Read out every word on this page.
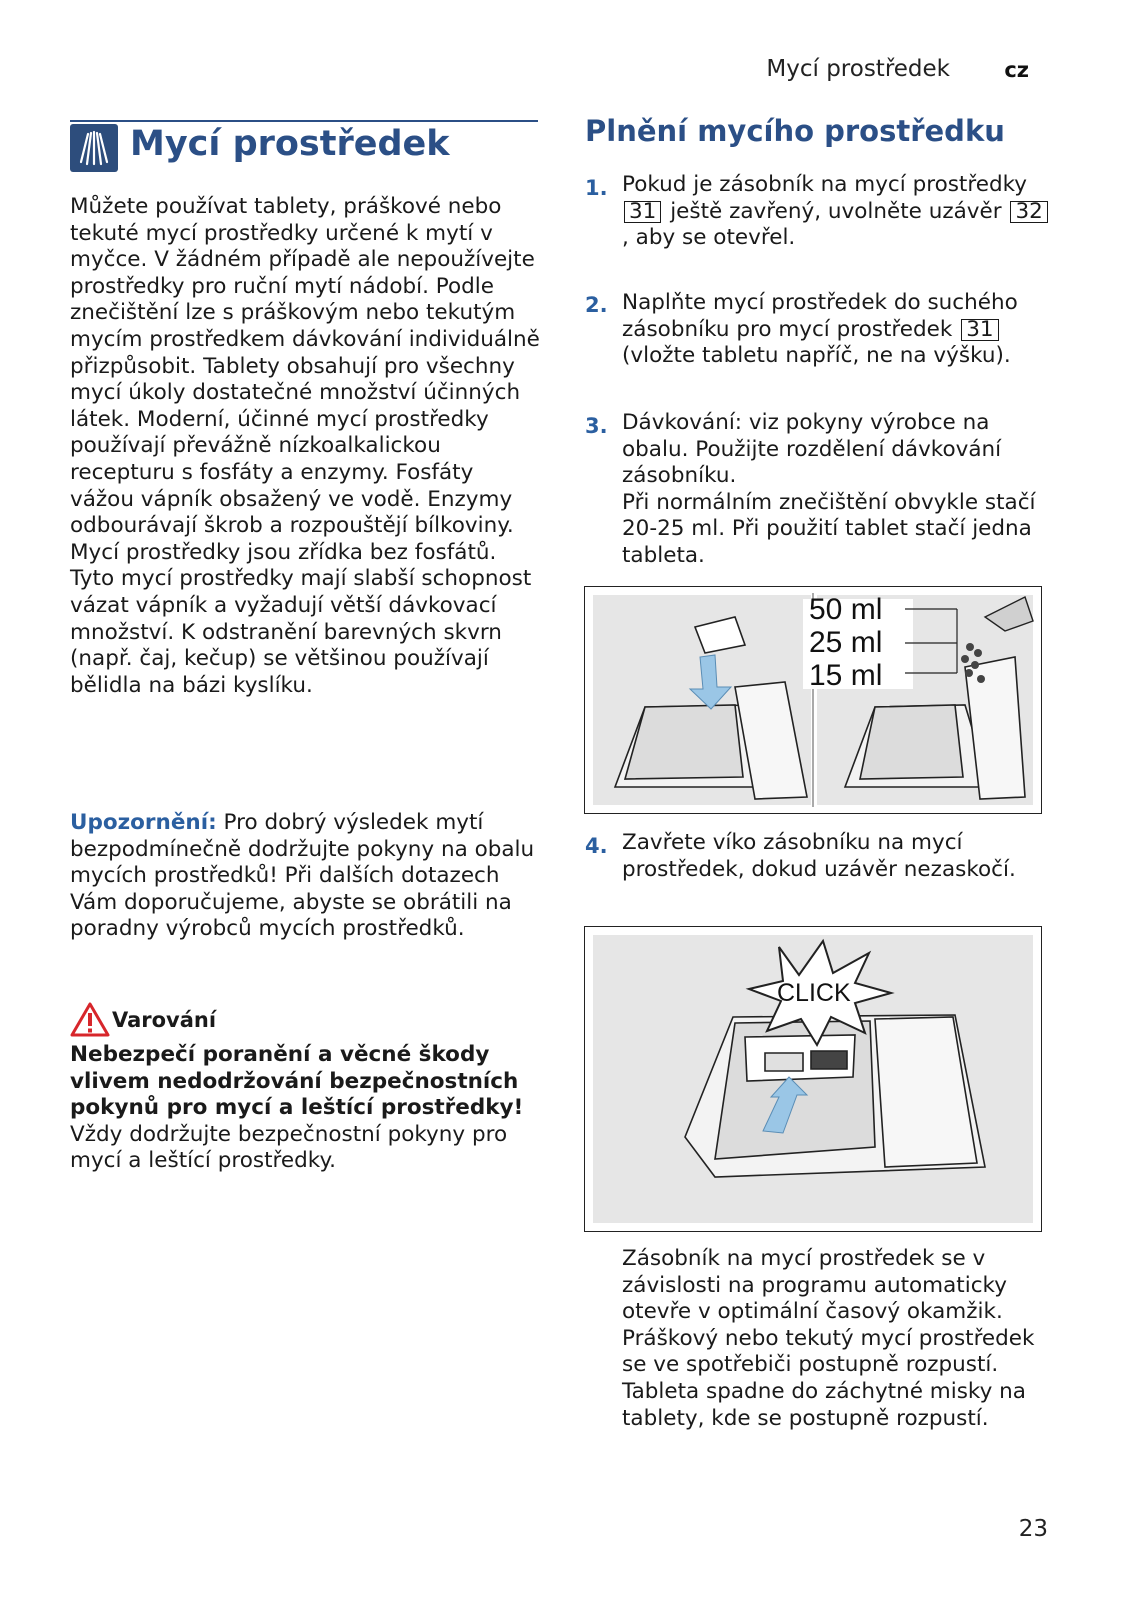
Mycí prostředek	cz
Mycí prostředek
Můžete používat tablety, práškové nebo tekuté mycí prostředky určené k mytí v myčce. V žádném případě ale nepoužívejte prostředky pro ruční mytí nádobí. Podle znečištění lze s práškovým nebo tekutým mycím prostředkem dávkování individuálně přizpůsobit. Tablety obsahují pro všechny mycí úkoly dostatečné množství účinných látek. Moderní, účinné mycí prostředky používají převážně nízkoalkalickou recepturu s fosfáty a enzymy. Fosfáty vážou vápník obsažený ve vodě. Enzymy odbourávají škrob a rozpouštějí bílkoviny. Mycí prostředky jsou zřídka bez fosfátů. Tyto mycí prostředky mají slabší schopnost vázat vápník a vyžadují větší dávkovací množství. K odstranění barevných skvrn (např. čaj, kečup) se většinou používají bělidla na bázi kyslíku.
Upozornění: Pro dobrý výsledek mytí bezpodmínečně dodržujte pokyny na obalu mycích prostředků! Při dalších dotazech Vám doporučujeme, abyste se obrátili na poradny výrobců mycích prostředků.
Varování
Nebezpečí poranění a věcné škody vlivem nedodržování bezpečnostních pokynů pro mycí a leštící prostředky!
Vždy dodržujte bezpečnostní pokyny pro mycí a leštící prostředky.
Plnění mycího prostředku
1. Pokud je zásobník na mycí prostředky 31 ještě zavřený, uvolněte uzávěr 32, aby se otevřel.
2. Naplňte mycí prostředek do suchého zásobníku pro mycí prostředek 31 (vložte tabletu napříč, ne na výšku).
3. Dávkování: viz pokyny výrobce na obalu. Použijte rozdělení dávkování zásobníku.
Při normálním znečištění obvykle stačí 20-25 ml. Při použití tablet stačí jedna tableta.
50 ml
25 ml
15 ml
4. Zavřete víko zásobníku na mycí prostředek, dokud uzávěr nezaskočí.
CLICK
Zásobník na mycí prostředek se v závislosti na programu automaticky otevře v optimální časový okamžik. Práškový nebo tekutý mycí prostředek se ve spotřebiči postupně rozpustí. Tableta spadne do záchytné misky na tablety, kde se postupně rozpustí.
23
